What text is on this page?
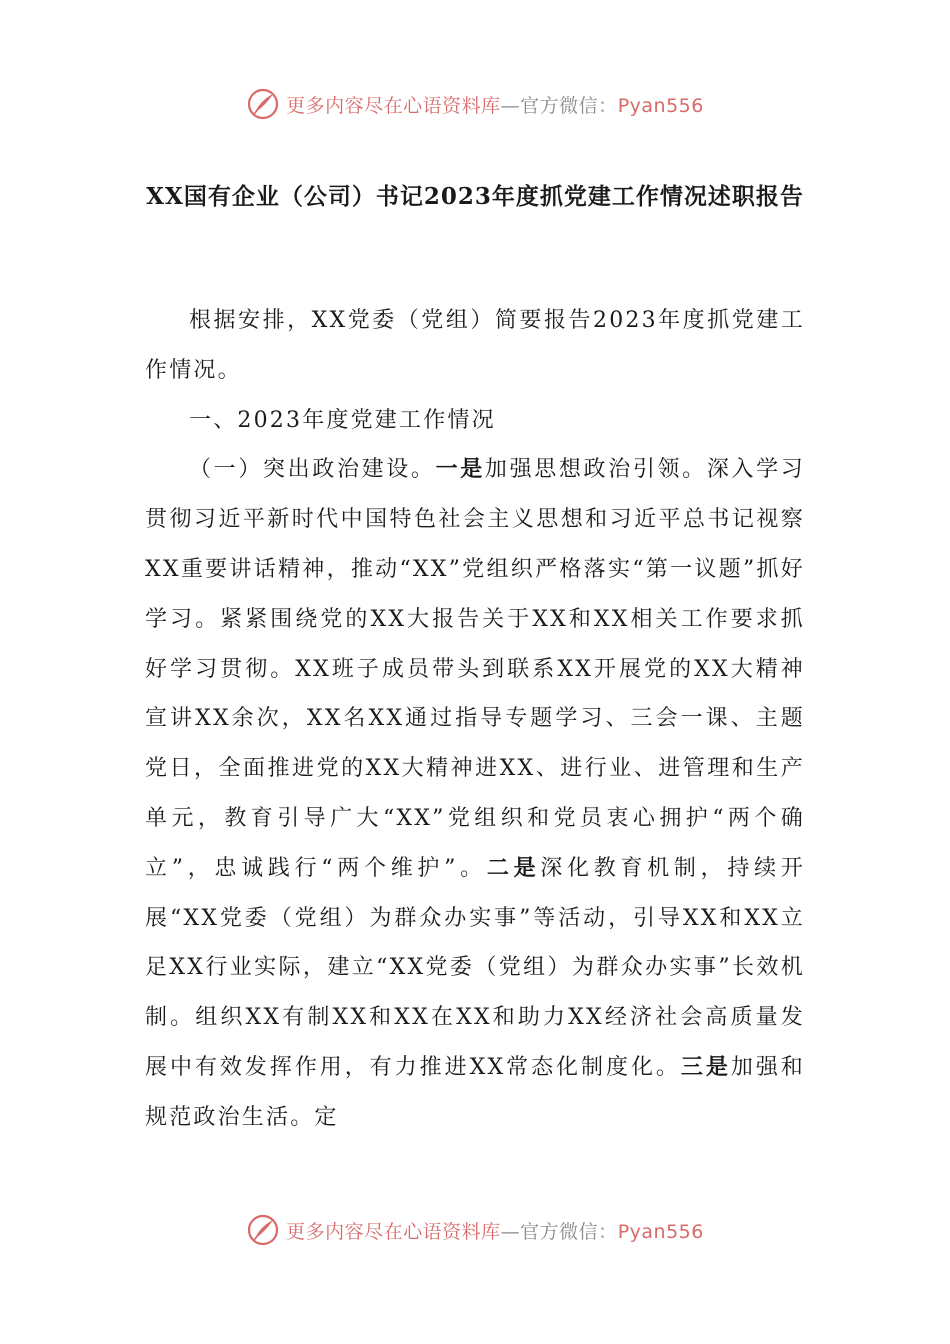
更多内容尽在心语资料库—官方微信：Pyan556
XX国有企业（公司）书记2023年度抓党建工作情况述职报告

根据安排，XX党委（党组）简要报告2023年度抓党建工作情况。

一、2023年度党建工作情况

（一）突出政治建设。一是加强思想政治引领。深入学习贯彻习近平新时代中国特色社会主义思想和习近平总书记视察XX重要讲话精神，推动“XX”党组织严格落实“第一议题”抓好学习。紧紧围绕党的XX大报告关于XX和XX相关工作要求抓好学习贯彻。XX班子成员带头到联系XX开展党的XX大精神宣讲XX余次，XX名XX通过指导专题学习、三会一课、主题党日，全面推进党的XX大精神进XX、进行业、进管理和生产单元，教育引导广大“XX”党组织和党员衷心拥护“两个确立”，忠诚践行“两个维护”。二是深化教育机制，持续开展“XX党委（党组）为群众办实事”等活动，引导XX和XX立足XX行业实际，建立“XX党委（党组）为群众办实事”长效机制。组织XX有制XX和XX在XX和助力XX经济社会高质量发展中有效发挥作用，有力推进XX常态化制度化。三是加强和规范政治生活。定

更多内容尽在心语资料库—官方微信：Pyan556
